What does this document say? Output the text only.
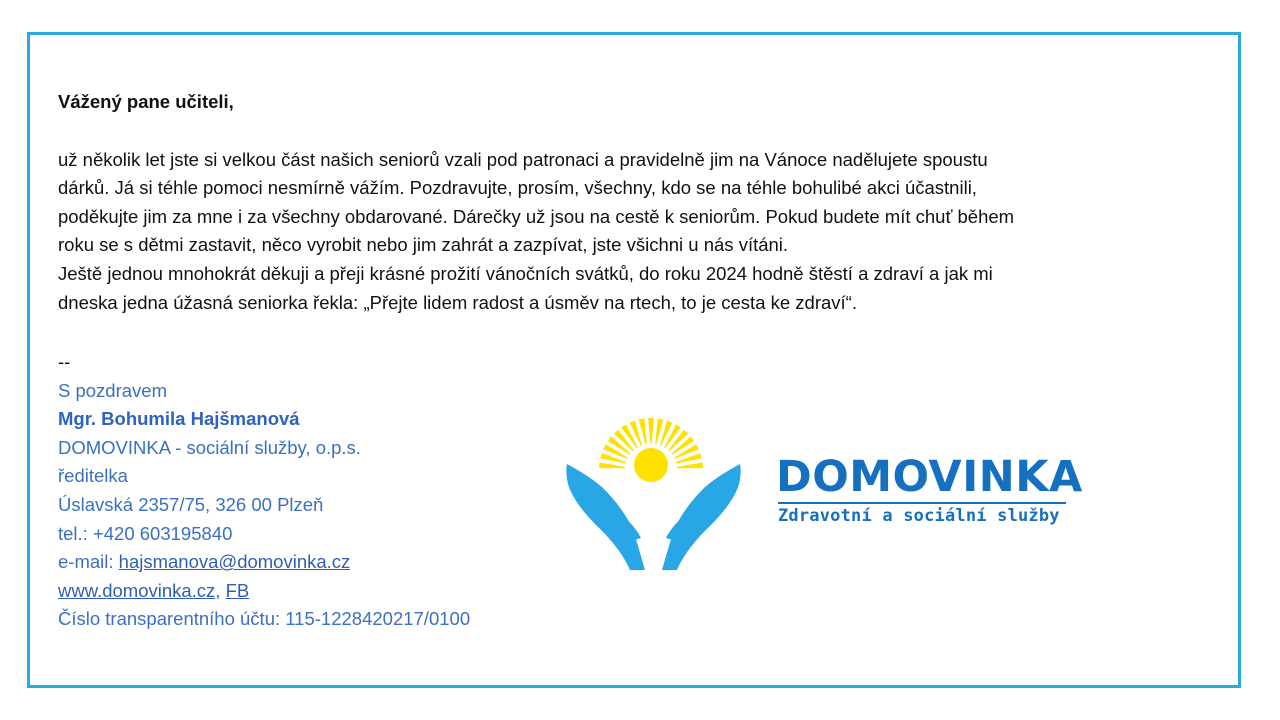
Vážený pane učiteli,

už několik let jste si velkou část našich seniorů vzali pod patronaci a pravidelně jim na Vánoce nadělujete spoustu

dárků. Já si téhle pomoci nesmírně vážím. Pozdravujte, prosím, všechny, kdo se na téhle bohulibé akci účastnili,

poděkujte jim za mne i za všechny obdarované. Dárečky už jsou na cestě k seniorům. Pokud budete mít chuť během

roku se s dětmi zastavit, něco vyrobit nebo jim zahrát a zazpívat, jste všichni u nás vítáni.

Ještě jednou mnohokrát děkuji a přeji krásné prožití vánočních svátků, do roku 2024 hodně štěstí a zdraví a jak mi

dneska jedna úžasná seniorka řekla: „Přejte lidem radost a úsměv na rtech, to je cesta ke zdraví“.

--

S pozdravem

Mgr. Bohumila Hajšmanová

DOMOVINKA - sociální služby, o.p.s.

ředitelka

Úslavská 2357/75, 326 00 Plzeň

tel.: +420 603195840

e-mail: hajsmanova@domovinka.cz

www.domovinka.cz, FB

Číslo transparentního účtu: 115-1228420217/0100

DOMOVINKA
Zdravotní a sociální služby
